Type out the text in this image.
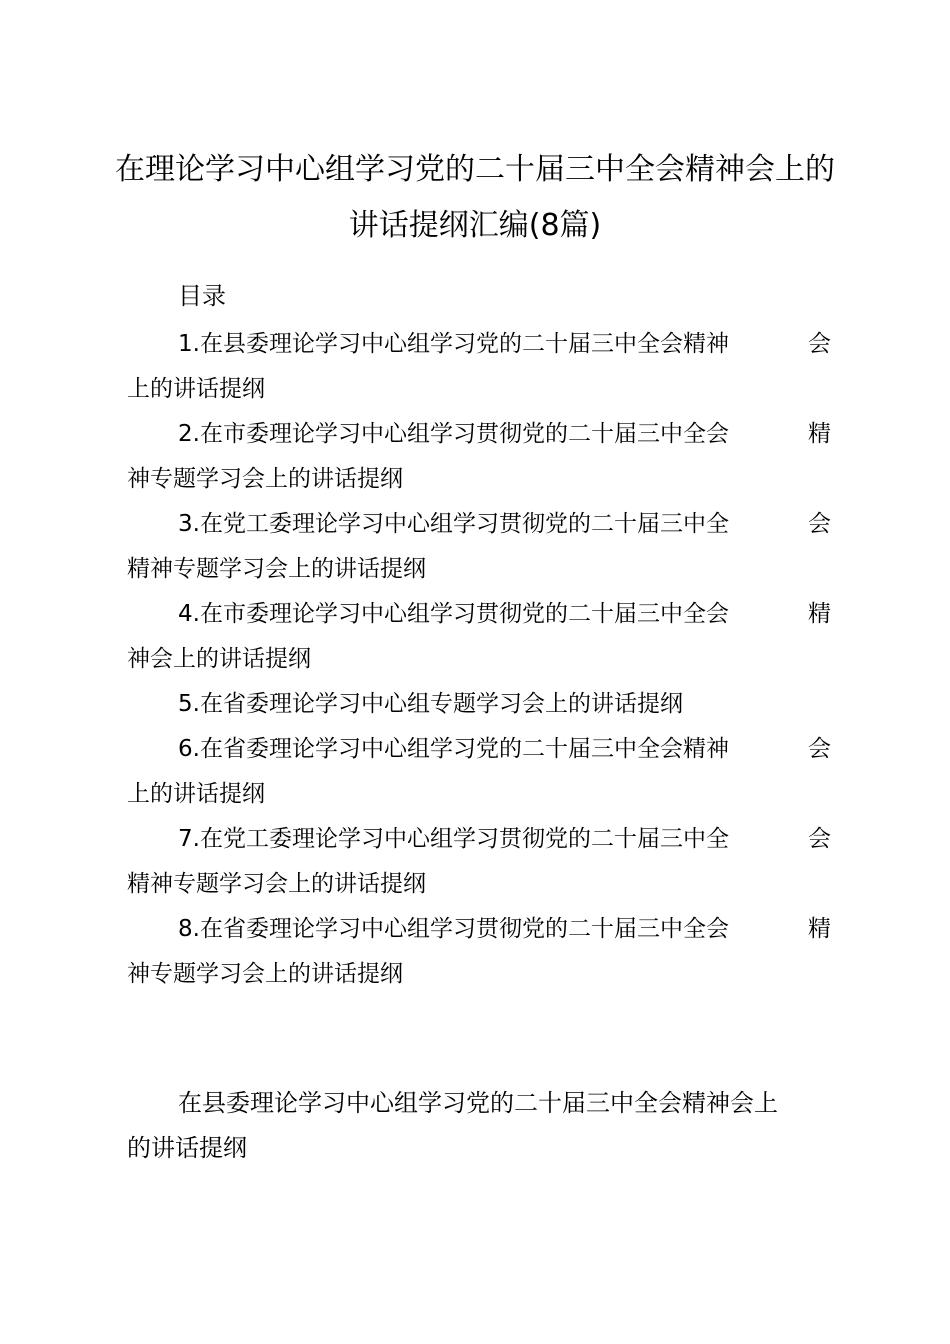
在理论学习中心组学习党的二十届三中全会精神会上的
讲话提纲汇编(8篇)
目录
1.在县委理论学习中心组学习党的二十届三中全会精神	会
上的讲话提纲
2.在市委理论学习中心组学习贯彻党的二十届三中全会	精
神专题学习会上的讲话提纲
3.在党工委理论学习中心组学习贯彻党的二十届三中全	会
精神专题学习会上的讲话提纲
4.在市委理论学习中心组学习贯彻党的二十届三中全会	精
神会上的讲话提纲
5.在省委理论学习中心组专题学习会上的讲话提纲
6.在省委理论学习中心组学习党的二十届三中全会精神	会
上的讲话提纲
7.在党工委理论学习中心组学习贯彻党的二十届三中全	会
精神专题学习会上的讲话提纲
8.在省委理论学习中心组学习贯彻党的二十届三中全会	精
神专题学习会上的讲话提纲
在县委理论学习中心组学习党的二十届三中全会精神会上
的讲话提纲
